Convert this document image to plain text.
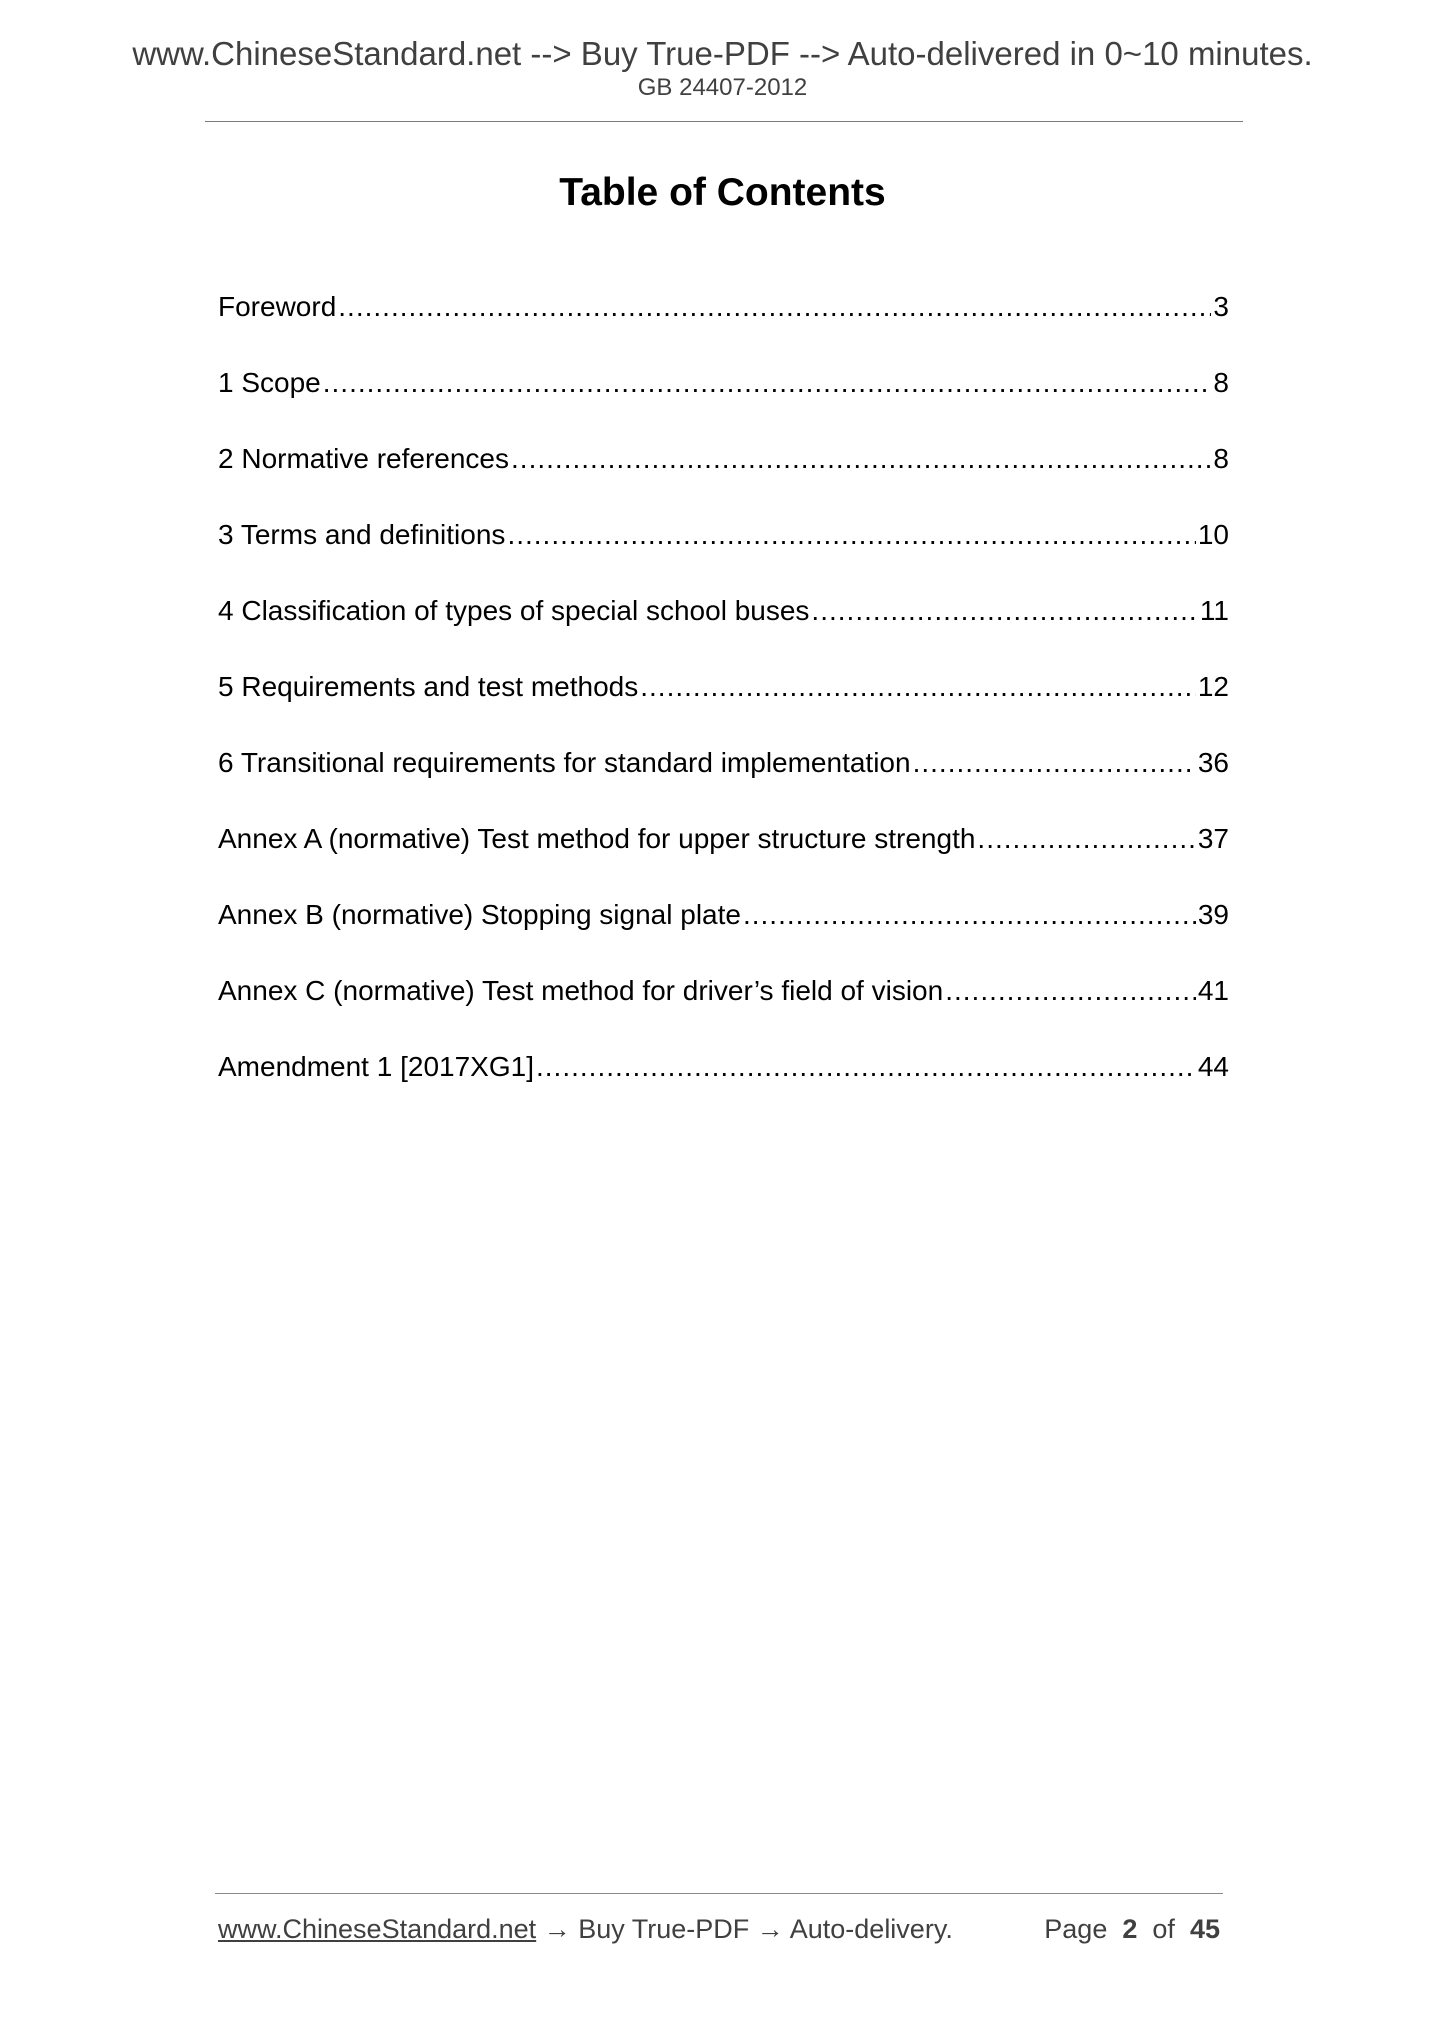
www.ChineseStandard.net --> Buy True-PDF --> Auto-delivered in 0~10 minutes.
GB 24407-2012
Table of Contents
Foreword .....	3
1 Scope .....	8
2 Normative references .....	8
3 Terms and definitions .....	10
4 Classification of types of special school buses .....	11
5 Requirements and test methods .....	12
6 Transitional requirements for standard implementation .....	36
Annex A (normative) Test method for upper structure strength .....	37
Annex B (normative) Stopping signal plate .....	39
Annex C (normative) Test method for driver’s field of vision .....	41
Amendment 1 [2017XG1] .....	44
www.ChineseStandard.net → Buy True-PDF → Auto-delivery.	Page 2 of 45
